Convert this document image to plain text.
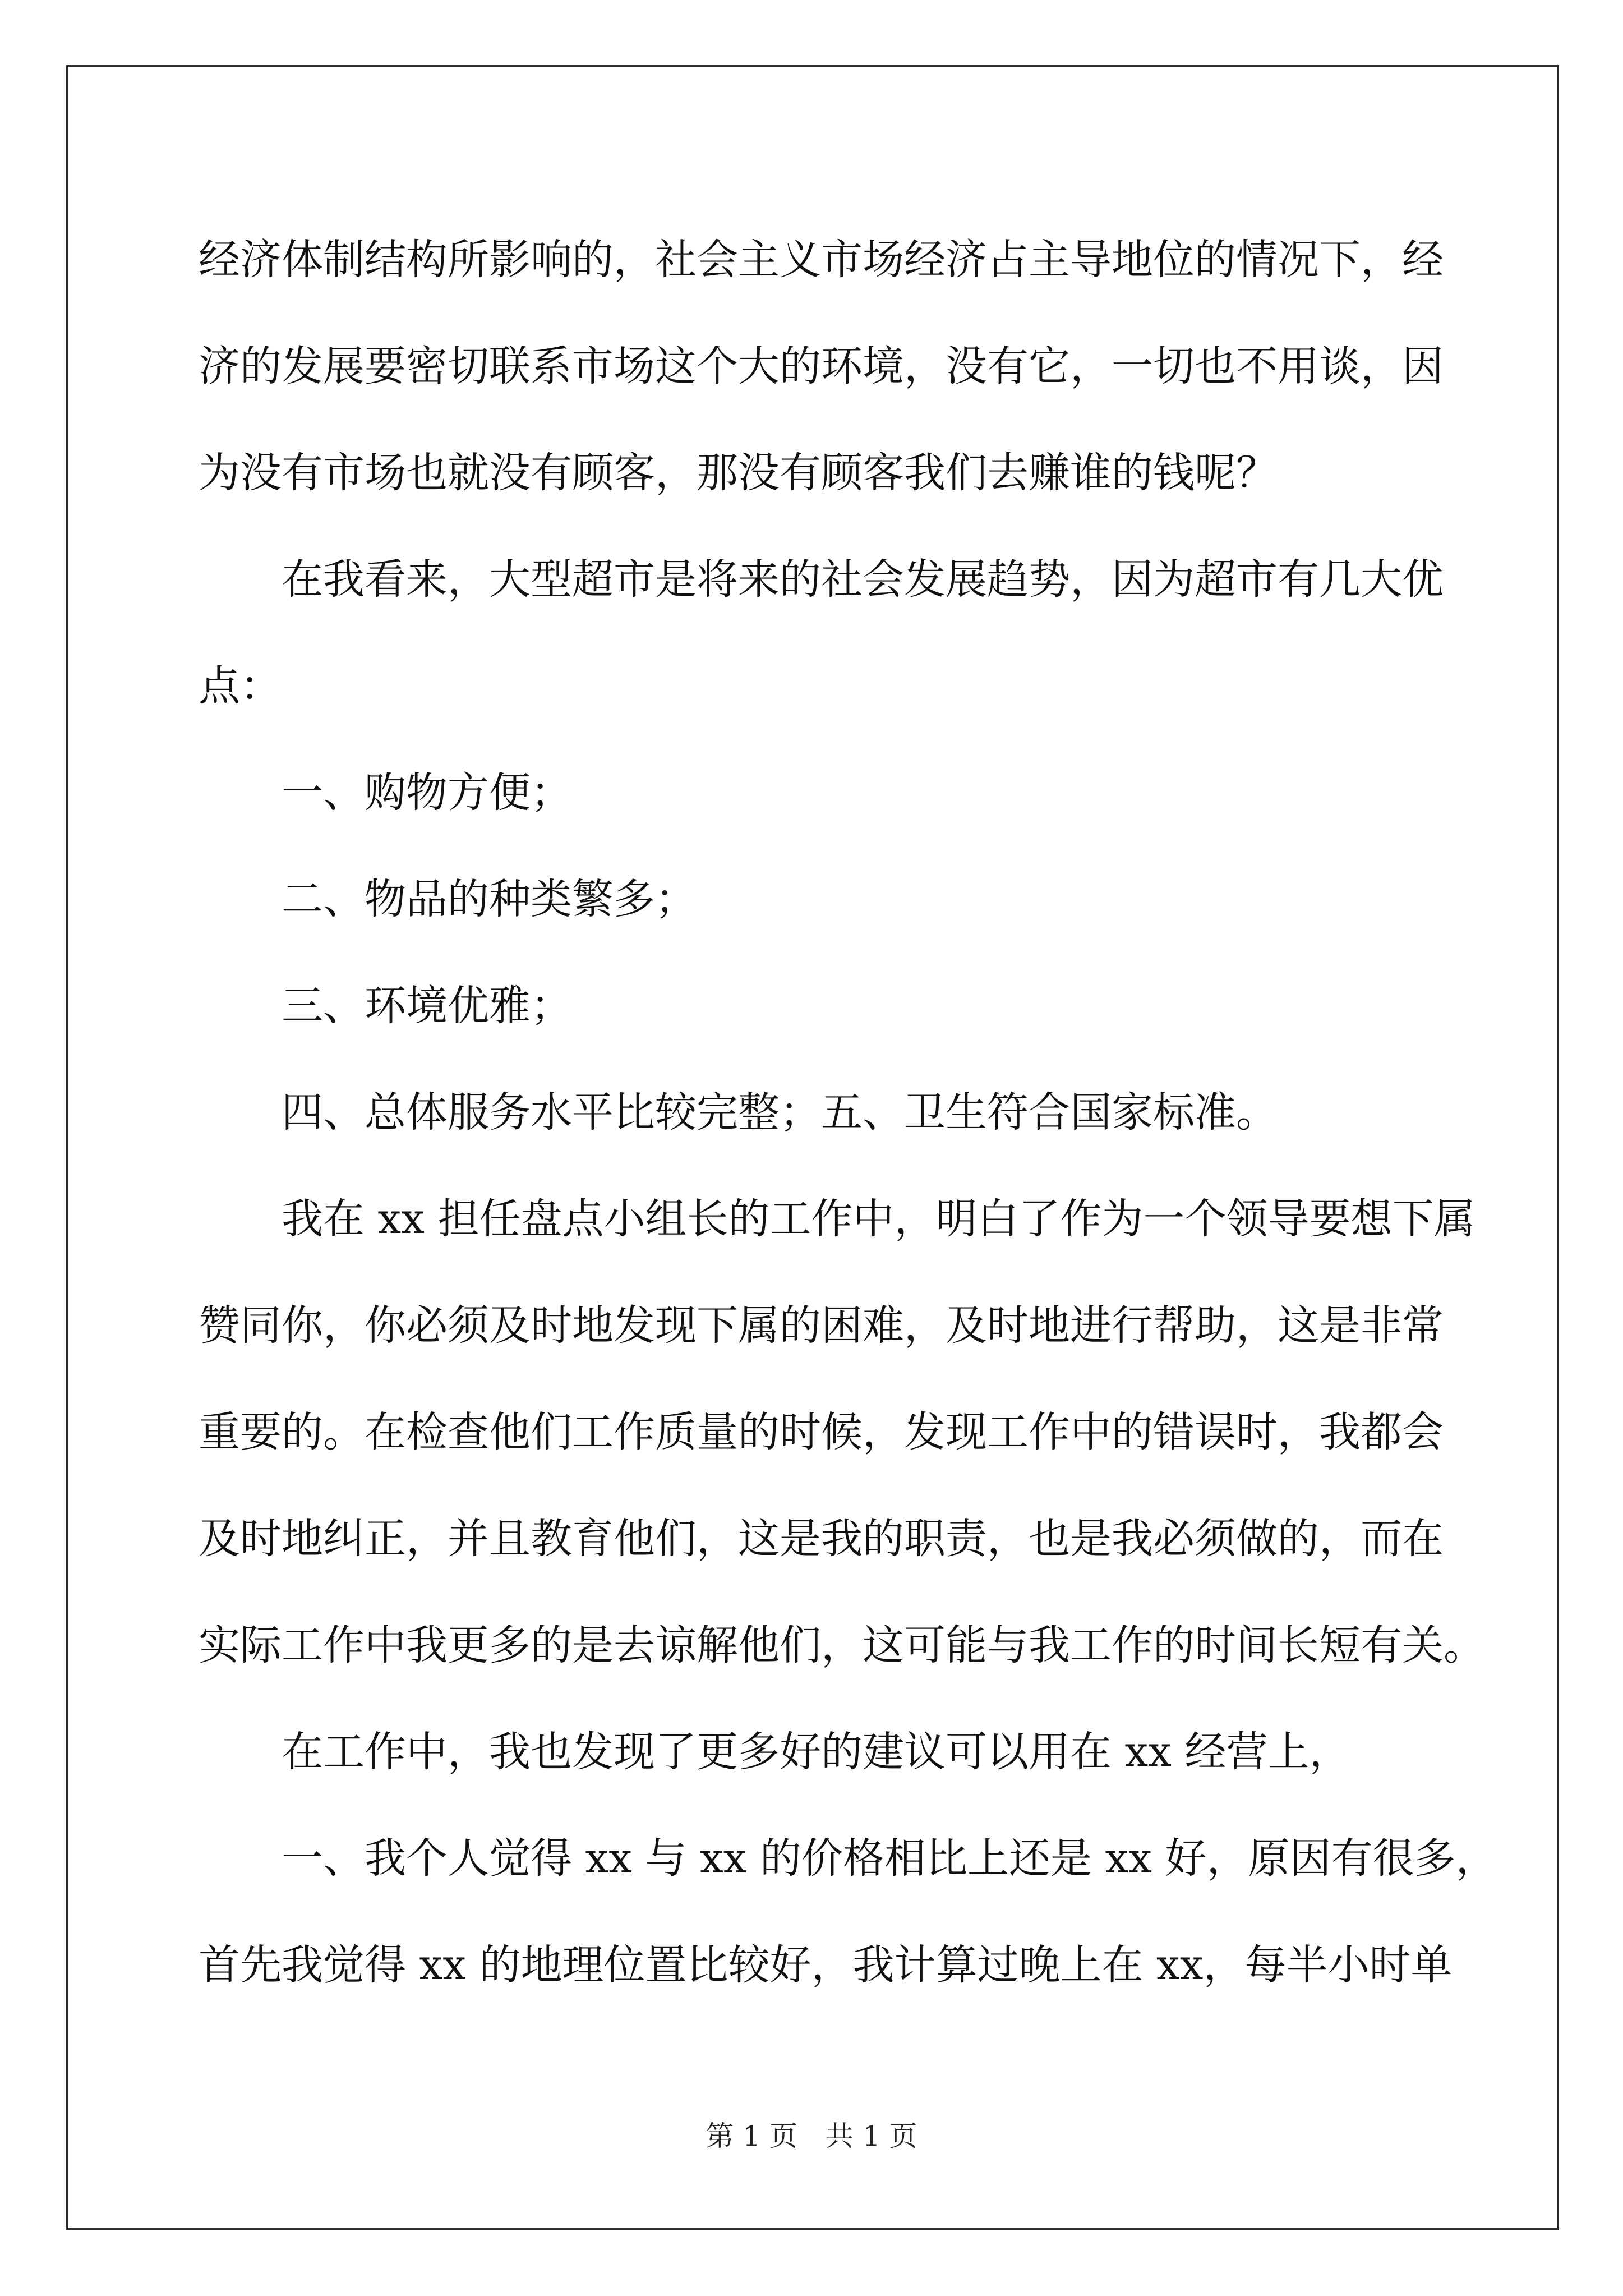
经济体制结构所影响的，社会主义市场经济占主导地位的情况下，经
济的发展要密切联系市场这个大的环境，没有它，一切也不用谈，因
为没有市场也就没有顾客，那没有顾客我们去赚谁的钱呢？
在我看来，大型超市是将来的社会发展趋势，因为超市有几大优
点：
一、购物方便；
二、物品的种类繁多；
三、环境优雅；
四、总体服务水平比较完整；五、卫生符合国家标准。
我在 xx 担任盘点小组长的工作中，明白了作为一个领导要想下属
赞同你，你必须及时地发现下属的困难，及时地进行帮助，这是非常
重要的。在检查他们工作质量的时候，发现工作中的错误时，我都会
及时地纠正，并且教育他们，这是我的职责，也是我必须做的，而在
实际工作中我更多的是去谅解他们，这可能与我工作的时间长短有关。
在工作中，我也发现了更多好的建议可以用在 xx 经营上，
一、我个人觉得 xx 与 xx 的价格相比上还是 xx 好，原因有很多，
首先我觉得 xx 的地理位置比较好，我计算过晚上在 xx，每半小时单
第 1 页　共 1 页
